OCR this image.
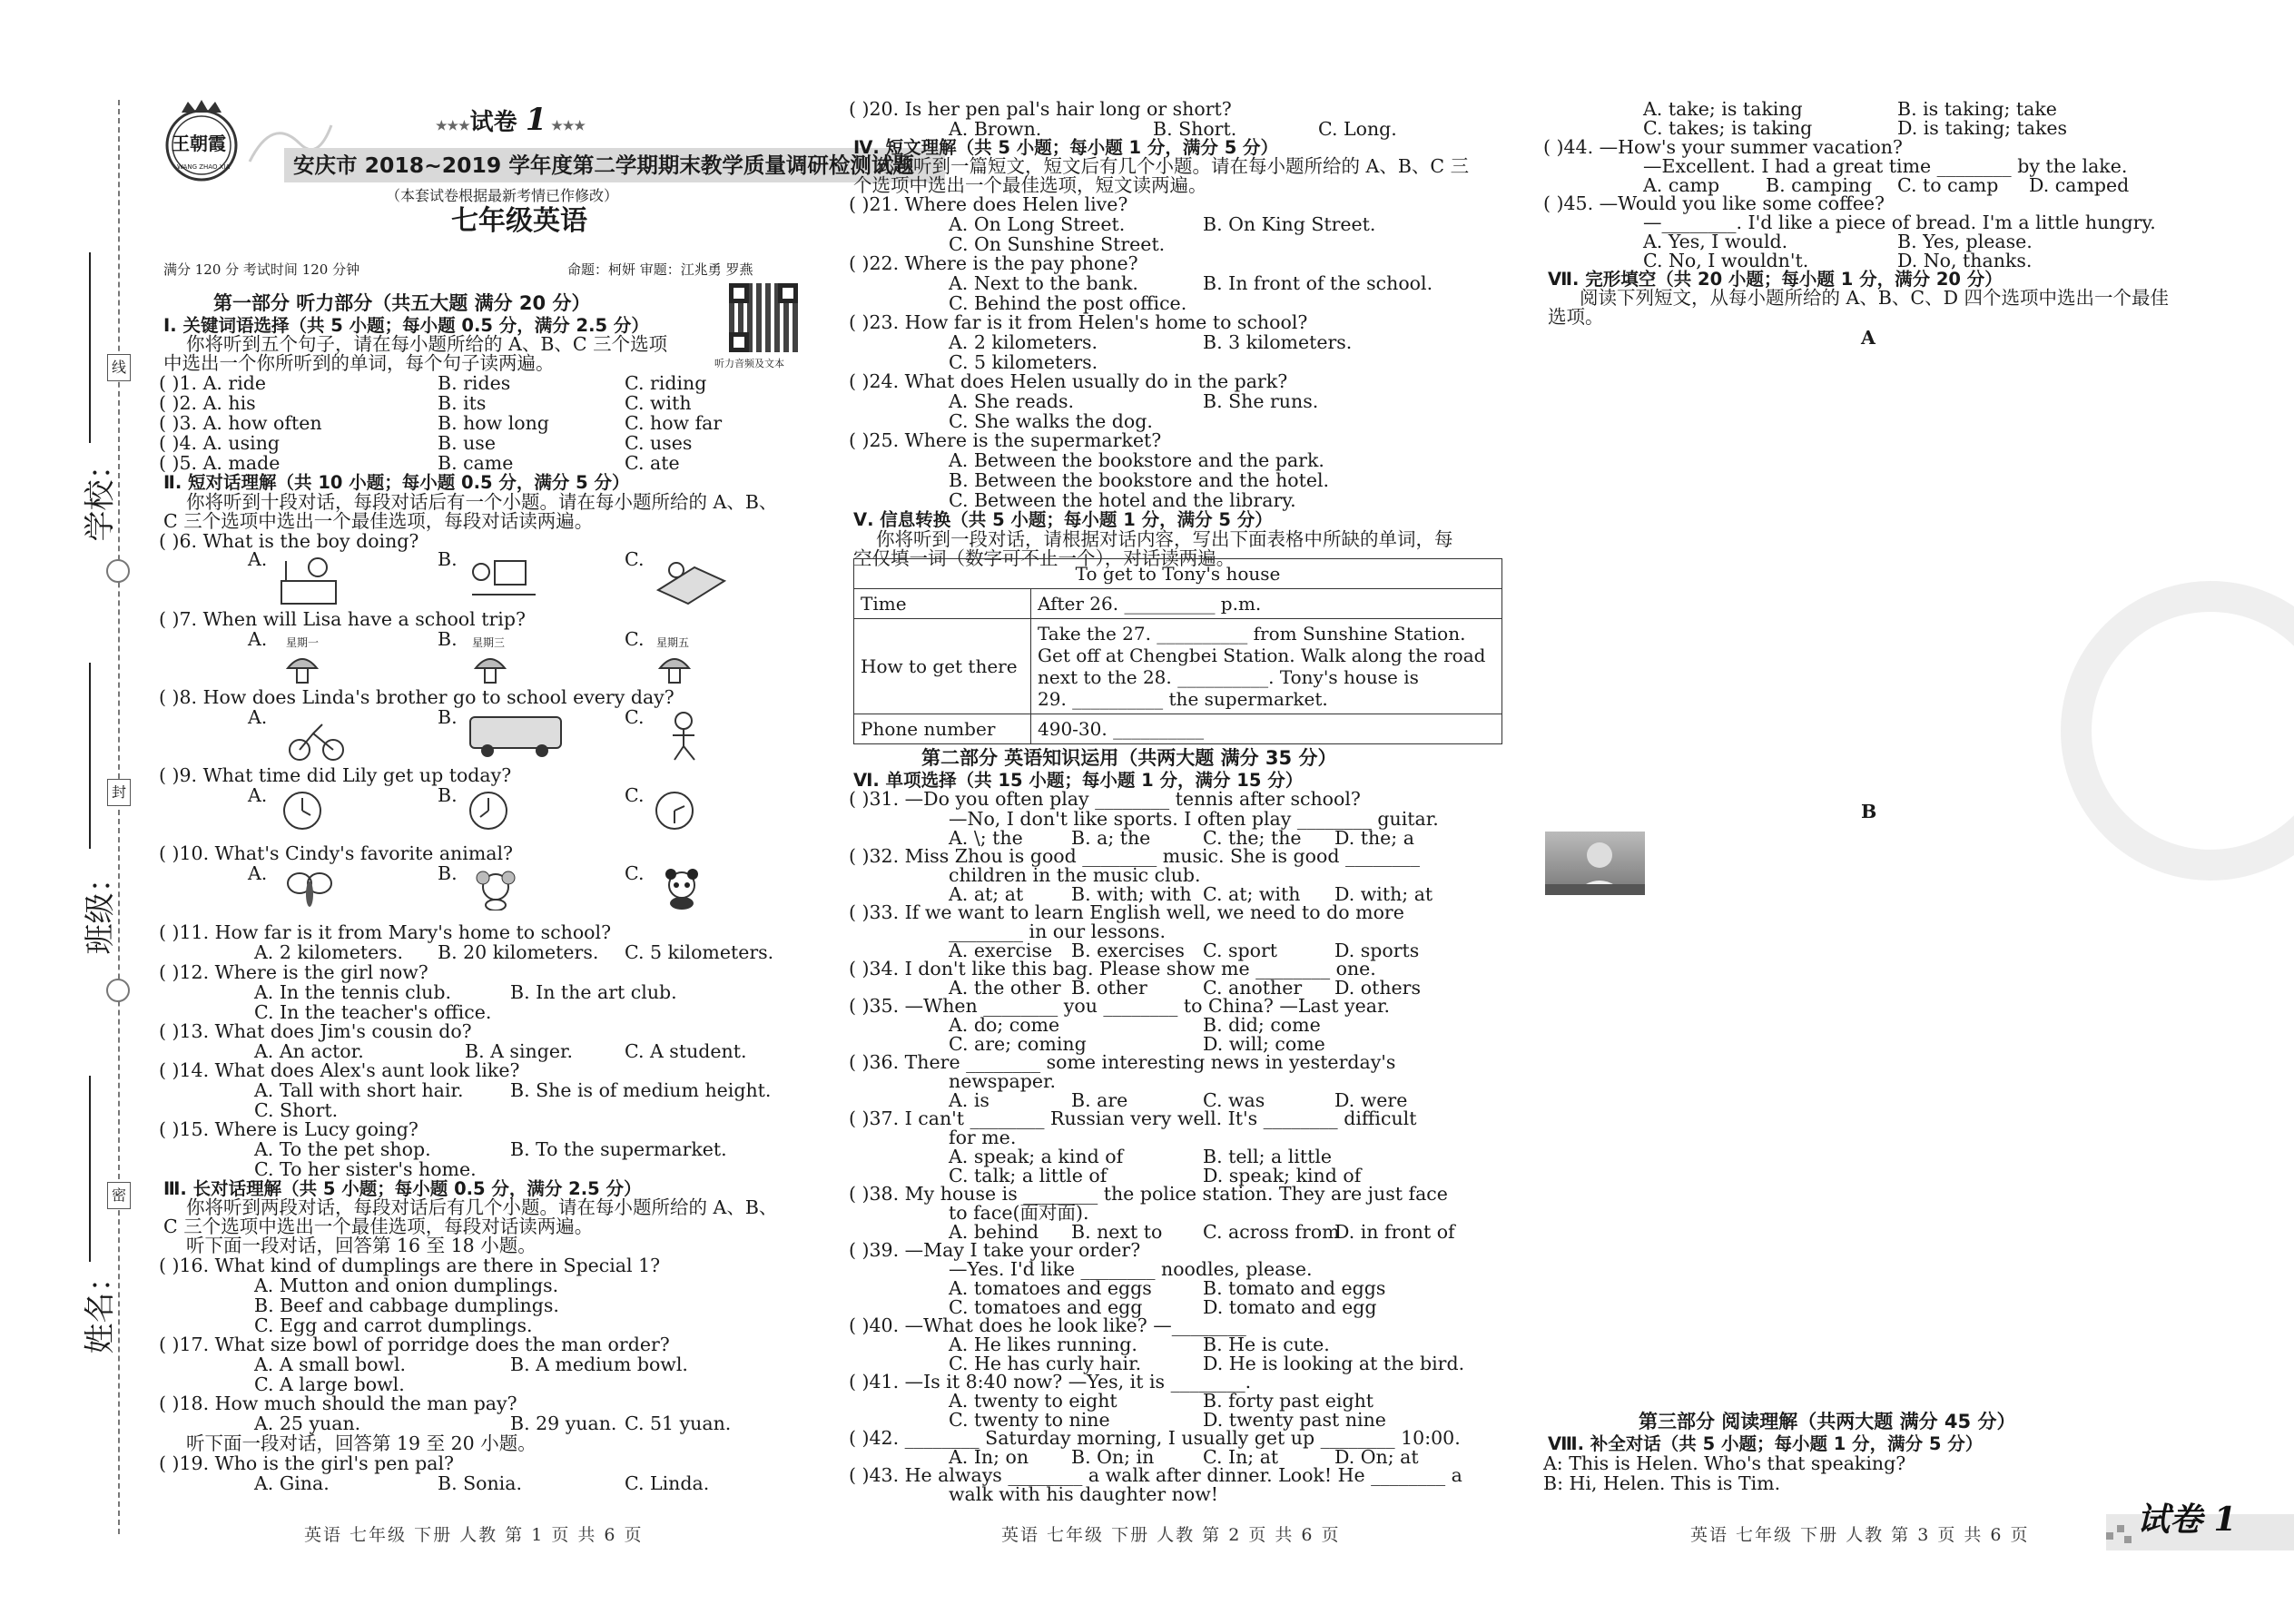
线
封
密
学校：
班级：
姓名：
王朝霞
WANG ZHAO XIA
★★★试卷 1 ★★★
安庆市 2018~2019 学年度第二学期期末教学质量调研检测试题
（本套试卷根据最新考情已作修改）
七年级英语
满分 120 分 考试时间 120 分钟	命题：柯妍 审题：江兆勇 罗燕
听力音频及文本
第一部分 听力部分（共五大题 满分 20 分）
Ⅰ. 关键词语选择（共 5 小题；每小题 0.5 分，满分 2.5 分）
你将听到五个句子，请在每小题所给的 A、B、C 三个选项
中选出一个你所听到的单词，每个句子读两遍。
( )1. A. ride	B. rides	C. riding
( )2. A. his	B. its	C. with
( )3. A. how often	B. how long	C. how far
( )4. A. using	B. use	C. uses
( )5. A. made	B. came	C. ate
Ⅱ. 短对话理解（共 10 小题；每小题 0.5 分，满分 5 分）
你将听到十段对话，每段对话后有一个小题。请在每小题所给的 A、B、
C 三个选项中选出一个最佳选项，每段对话读两遍。
( )6. What is the boy doing?
A.	B.	C.
( )7. When will Lisa have a school trip?
A.	B.	C.
星期一	星期三	星期五
( )8. How does Linda's brother go to school every day?
A.	B.	C.
( )9. What time did Lily get up today?
A.	B.	C.
( )10. What's Cindy's favorite animal?
A.	B.	C.
( )11. How far is it from Mary's home to school?
A. 2 kilometers. B. 20 kilometers. C. 5 kilometers.
( )12. Where is the girl now?
A. In the tennis club.	B. In the art club.
C. In the teacher's office.
( )13. What does Jim's cousin do?
A. An actor.	B. A singer.	C. A student.
( )14. What does Alex's aunt look like?
A. Tall with short hair.	B. She is of medium height.
C. Short.
( )15. Where is Lucy going?
A. To the pet shop.	B. To the supermarket.
C. To her sister's home.
Ⅲ. 长对话理解（共 5 小题；每小题 0.5 分，满分 2.5 分）
你将听到两段对话，每段对话后有几个小题。请在每小题所给的 A、B、
C 三个选项中选出一个最佳选项，每段对话读两遍。
听下面一段对话，回答第 16 至 18 小题。
( )16. What kind of dumplings are there in Special 1?
A. Mutton and onion dumplings.
B. Beef and cabbage dumplings.
C. Egg and carrot dumplings.
( )17. What size bowl of porridge does the man order?
A. A small bowl.	B. A medium bowl.
C. A large bowl.
( )18. How much should the man pay?
A. 25 yuan.	B. 29 yuan. C. 51 yuan.
听下面一段对话，回答第 19 至 20 小题。
( )19. Who is the girl's pen pal?
A. Gina.	B. Sonia.	C. Linda.
( )20. Is her pen pal's hair long or short?
A. Brown.	B. Short.	C. Long.
Ⅳ. 短文理解（共 5 小题；每小题 1 分，满分 5 分）
你将听到一篇短文，短文后有几个小题。请在每小题所给的 A、B、C 三
个选项中选出一个最佳选项，短文读两遍。
( )21. Where does Helen live?
A. On Long Street.	B. On King Street.
C. On Sunshine Street.
( )22. Where is the pay phone?
A. Next to the bank.	B. In front of the school.
C. Behind the post office.
( )23. How far is it from Helen's home to school?
A. 2 kilometers.	B. 3 kilometers.
C. 5 kilometers.
( )24. What does Helen usually do in the park?
A. She reads.	B. She runs.
C. She walks the dog.
( )25. Where is the supermarket?
A. Between the bookstore and the park.
B. Between the bookstore and the hotel.
C. Between the hotel and the library.
Ⅴ. 信息转换（共 5 小题；每小题 1 分，满分 5 分）
你将听到一段对话，请根据对话内容，写出下面表格中所缺的单词，每
空仅填一词（数字可不止一个），对话读两遍。
To get to Tony's house	
Time	After 26. __________ p.m.
How to get there	Take the 27. __________ from Sunshine Station.
Get off at Chengbei Station. Walk along the road
next to the 28. __________. Tony's house is
29. __________ the supermarket.

Phone number	490-30. __________
第二部分 英语知识运用（共两大题 满分 35 分）
Ⅵ. 单项选择（共 15 小题；每小题 1 分，满分 15 分）
( )31. —Do you often play ________ tennis after school?
—No, I don't like sports. I often play ________ guitar.
A. \; the	B. a; the	C. the; the D. the; a
( )32. Miss Zhou is good ________ music. She is good ________
children in the music club.
A. at; at	B. with; with C. at; with D. with; at
( )33. If we want to learn English well, we need to do more
________ in our lessons.
A. exercise B. exercises C. sport	D. sports
( )34. I don't like this bag. Please show me ________ one.
A. the other B. other	C. another D. others
( )35. —When ________ you ________ to China? —Last year.
A. do; come	B. did; come
C. are; coming	D. will; come
( )36. There ________ some interesting news in yesterday's
newspaper.
A. is	B. are	C. was	D. were
( )37. I can't ________ Russian very well. It's ________ difficult
for me.
A. speak; a kind of	B. tell; a little
C. talk; a little of	D. speak; kind of
( )38. My house is ________ the police station. They are just face
to face(面对面).
A. behind B. next to C. across from
D. in front of
( )39. —May I take your order?
—Yes. I'd like ________ noodles, please.
A. tomatoes and eggs	B. tomato and eggs
C. tomatoes and egg	D. tomato and egg
( )40. —What does he look like? —________
A. He likes running.	B. He is cute.
C. He has curly hair.	D. He is looking at the bird.
( )41. —Is it 8:40 now? —Yes, it is ________.
A. twenty to eight	B. forty past eight
C. twenty to nine	D. twenty past nine
( )42. ________ Saturday morning, I usually get up ________ 10:00.
A. In; on B. On; in	C. In; at	D. On; at
( )43. He always ________ a walk after dinner. Look! He ________ a
walk with his daughter now!
A. take; is taking	B. is taking; take
C. takes; is taking	D. is taking; takes
( )44. —How's your summer vacation?
—Excellent. I had a great time ________ by the lake.
A. camp B. camping C. to camp D. camped
( )45. —Would you like some coffee?
—________. I'd like a piece of bread. I'm a little hungry.
A. Yes, I would.	B. Yes, please.
C. No, I wouldn't.	D. No, thanks.
Ⅶ. 完形填空（共 20 小题；每小题 1 分，满分 20 分）
阅读下列短文，从每小题所给的 A、B、C、D 四个选项中选出一个最佳
选项。
A
B
第三部分 阅读理解（共两大题 满分 45 分）
Ⅷ. 补全对话（共 5 小题；每小题 1 分，满分 5 分）
A: This is Helen. Who's that speaking?
B: Hi, Helen. This is Tim.
英语 七年级 下册 人教 第 1 页 共 6 页	英语 七年级 下册 人教 第 2 页 共 6 页	英语 七年级 下册 人教 第 3 页 共 6 页	试卷 1
